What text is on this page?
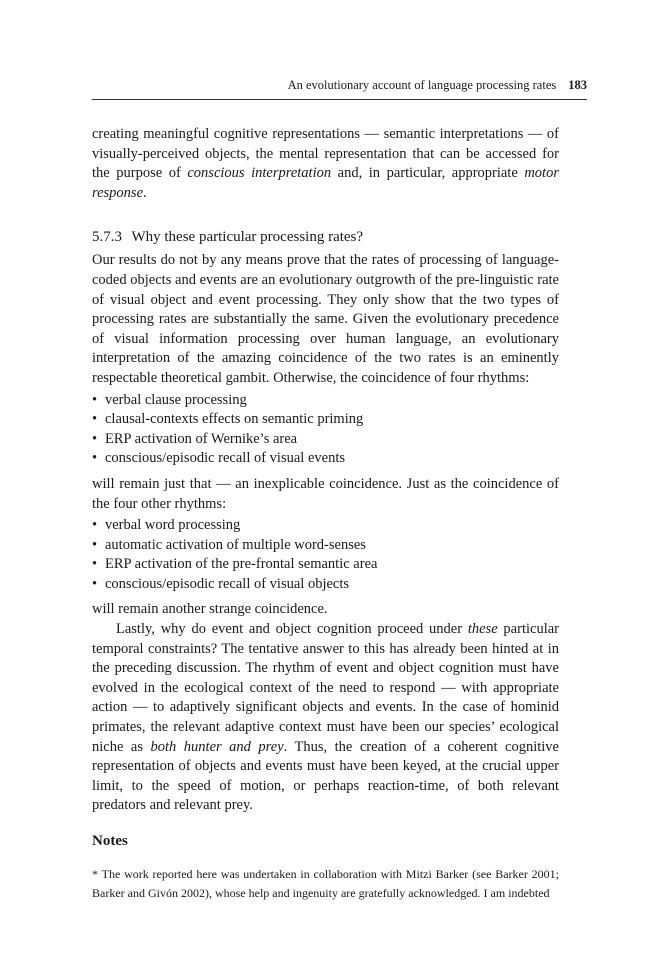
An evolutionary account of language processing rates 183

creating meaningful cognitive representations — semantic interpretations — of visually-perceived objects, the mental representation that can be accessed for the purpose of conscious interpretation and, in particular, appropriate motor response.

5.7.3 Why these particular processing rates?

Our results do not by any means prove that the rates of processing of language-coded objects and events are an evolutionary outgrowth of the pre-linguistic rate of visual object and event processing. They only show that the two types of processing rates are substantially the same. Given the evolutionary precedence of visual information processing over human language, an evolutionary interpretation of the amazing coincidence of the two rates is an eminently respectable theoretical gambit. Otherwise, the coincidence of four rhythms:

• verbal clause processing
• clausal-contexts effects on semantic priming
• ERP activation of Wernike’s area
• conscious/episodic recall of visual events

will remain just that — an inexplicable coincidence. Just as the coincidence of the four other rhythms:

• verbal word processing
• automatic activation of multiple word-senses
• ERP activation of the pre-frontal semantic area
• conscious/episodic recall of visual objects

will remain another strange coincidence.

Lastly, why do event and object cognition proceed under these particular temporal constraints? The tentative answer to this has already been hinted at in the preceding discussion. The rhythm of event and object cognition must have evolved in the ecological context of the need to respond — with appropriate action — to adaptively significant objects and events. In the case of hominid primates, the relevant adaptive context must have been our species’ ecological niche as both hunter and prey. Thus, the creation of a coherent cognitive representation of objects and events must have been keyed, at the crucial upper limit, to the speed of motion, or perhaps reaction-time, of both relevant predators and relevant prey.

Notes

* The work reported here was undertaken in collaboration with Mitzi Barker (see Barker 2001; Barker and Givón 2002), whose help and ingenuity are gratefully acknowledged. I am indebted
